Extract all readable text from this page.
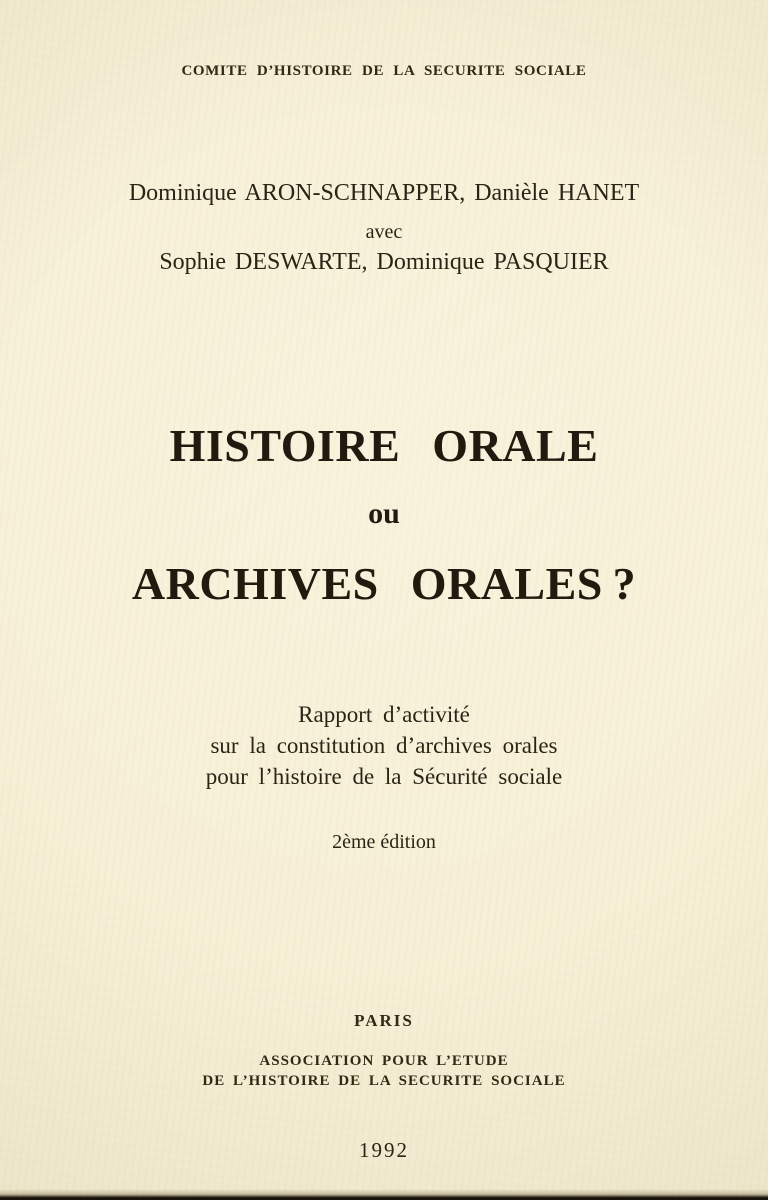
COMITE D’HISTOIRE DE LA SECURITE SOCIALE
Dominique ARON-SCHNAPPER, Danièle HANET
avec
Sophie DESWARTE, Dominique PASQUIER
HISTOIRE ORALE
ou
ARCHIVES ORALES ?
Rapport d’activité
sur la constitution d’archives orales
pour l’histoire de la Sécurité sociale
2ème édition
PARIS
ASSOCIATION POUR L’ETUDE
DE L’HISTOIRE DE LA SECURITE SOCIALE
1992
